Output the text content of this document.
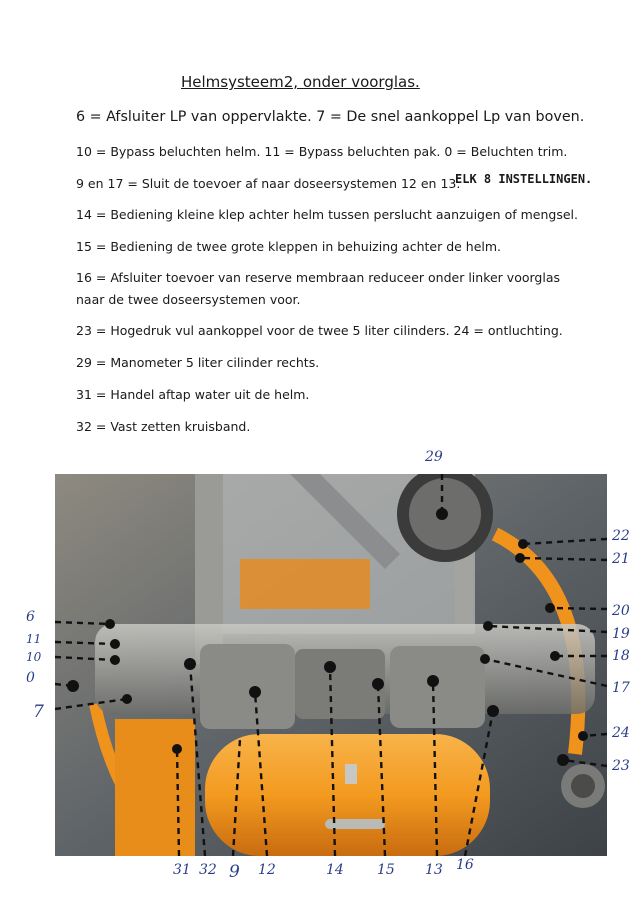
Helmsysteem2, onder voorglas.
6 = Afsluiter LP van oppervlakte. 7 = De snel aankoppel Lp van boven.
10 = Bypass beluchten helm. 11 = Bypass beluchten pak. 0 = Beluchten trim.
9 en 17 = Sluit de toevoer af naar doseersystemen 12 en 13.
ELK 8 INSTELLINGEN.
14 = Bediening kleine klep achter helm tussen perslucht aanzuigen of mengsel.
15 = Bediening de twee grote kleppen in behuizing achter de helm.
16 = Afsluiter toevoer van reserve membraan reduceer onder linker voorglas
naar de twee doseersystemen voor.
23 = Hogedruk vul aankoppel voor de twee 5 liter cilinders. 24 = ontluchting.
29 = Manometer 5 liter cilinder rechts.
31 = Handel aftap water uit de helm.
32 = Vast zetten kruisband.
29
6
11
10
0
7
22
21
20
19
18
17
24
23
31 32 9 12	14 15 13 16
